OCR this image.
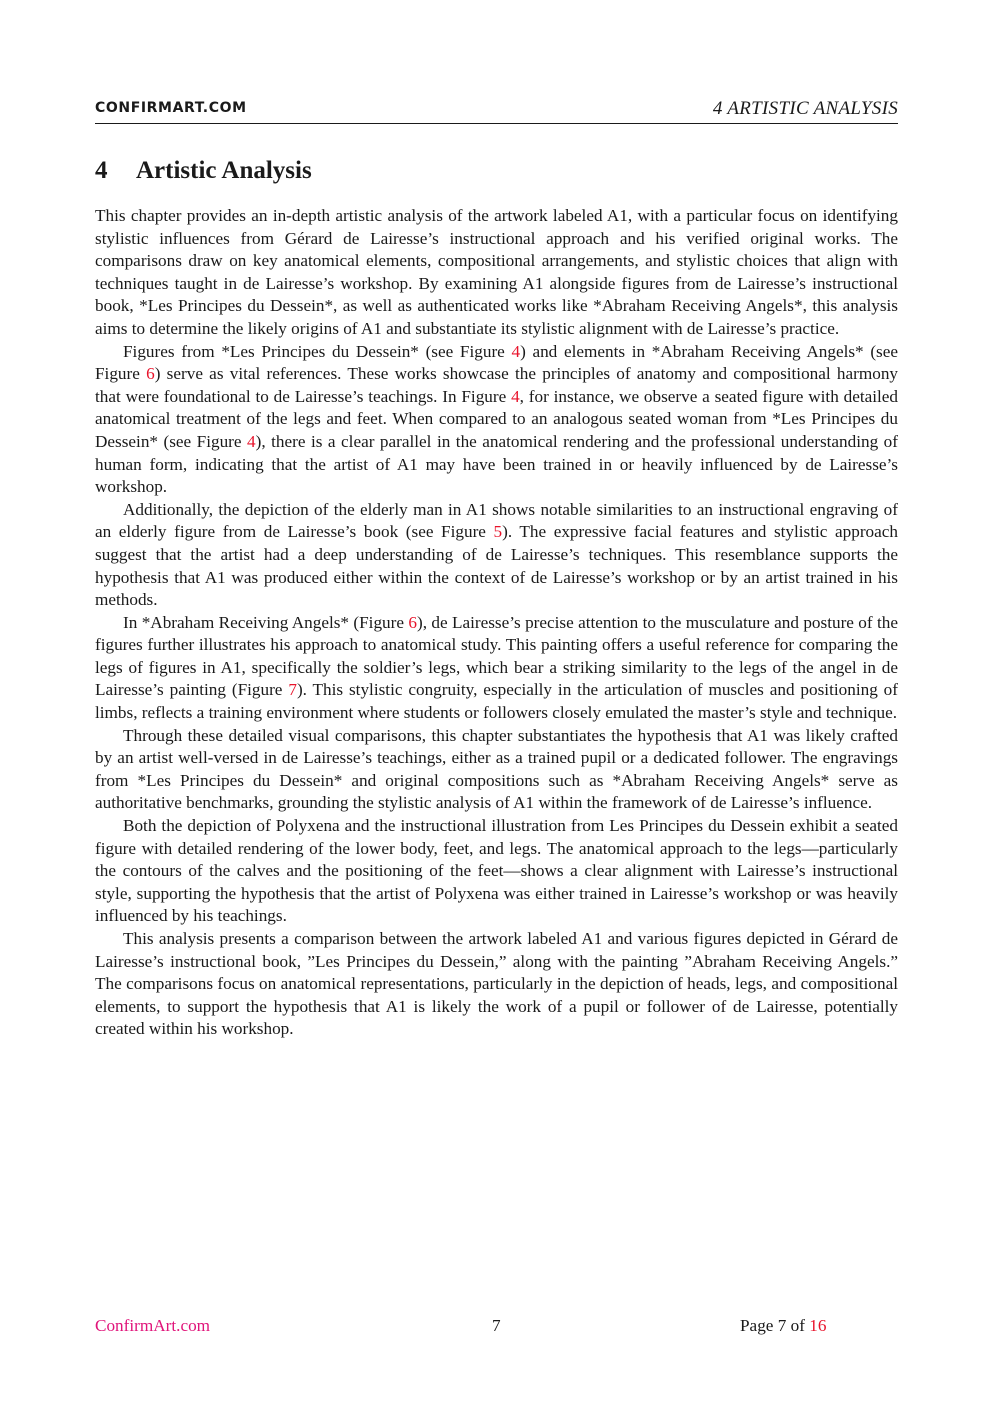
CONFIRMART.COM	4 ARTISTIC ANALYSIS
4 Artistic Analysis

This chapter provides an in-depth artistic analysis of the artwork labeled A1, with a particular focus on identifying stylistic influences from Gérard de Lairesse’s instructional approach and his verified original works. The comparisons draw on key anatomical elements, compositional arrangements, and stylistic choices that align with techniques taught in de Lairesse’s workshop. By examining A1 alongside figures from de Lairesse’s instructional book, *Les Principes du Dessein*, as well as authenticated works like *Abraham Receiving Angels*, this analysis aims to determine the likely origins of A1 and substantiate its stylistic alignment with de Lairesse’s practice.

Figures from *Les Principes du Dessein* (see Figure 4) and elements in *Abraham Receiving Angels* (see Figure 6) serve as vital references. These works showcase the principles of anatomy and compositional harmony that were foundational to de Lairesse’s teachings. In Figure 4, for instance, we observe a seated figure with detailed anatomical treatment of the legs and feet. When compared to an analogous seated woman from *Les Principes du Dessein* (see Figure 4), there is a clear parallel in the anatomical rendering and the professional understanding of human form, indicating that the artist of A1 may have been trained in or heavily influenced by de Lairesse’s workshop.

Additionally, the depiction of the elderly man in A1 shows notable similarities to an instructional engraving of an elderly figure from de Lairesse’s book (see Figure 5). The expressive facial features and stylistic approach suggest that the artist had a deep understanding of de Lairesse’s techniques. This resemblance supports the hypothesis that A1 was produced either within the context of de Lairesse’s workshop or by an artist trained in his methods.

In *Abraham Receiving Angels* (Figure 6), de Lairesse’s precise attention to the musculature and posture of the figures further illustrates his approach to anatomical study. This painting offers a useful reference for comparing the legs of figures in A1, specifically the soldier’s legs, which bear a striking similarity to the legs of the angel in de Lairesse’s painting (Figure 7). This stylistic congruity, especially in the articulation of muscles and positioning of limbs, reflects a training environment where students or followers closely emulated the master’s style and technique.

Through these detailed visual comparisons, this chapter substantiates the hypothesis that A1 was likely crafted by an artist well-versed in de Lairesse’s teachings, either as a trained pupil or a dedicated follower. The engravings from *Les Principes du Dessein* and original compositions such as *Abraham Receiving Angels* serve as authoritative benchmarks, grounding the stylistic analysis of A1 within the framework of de Lairesse’s influence.

Both the depiction of Polyxena and the instructional illustration from Les Principes du Dessein exhibit a seated figure with detailed rendering of the lower body, feet, and legs. The anatomical approach to the legs—particularly the contours of the calves and the positioning of the feet—shows a clear alignment with Lairesse’s instructional style, supporting the hypothesis that the artist of Polyxena was either trained in Lairesse’s workshop or was heavily influenced by his teachings.

This analysis presents a comparison between the artwork labeled A1 and various figures depicted in Gérard de Lairesse’s instructional book, ”Les Principes du Dessein,” along with the painting ”Abraham Receiving Angels.” The comparisons focus on anatomical representations, particularly in the depiction of heads, legs, and compositional elements, to support the hypothesis that A1 is likely the work of a pupil or follower of de Lairesse, potentially created within his workshop.

ConfirmArt.com	7	Page 7 of 16
